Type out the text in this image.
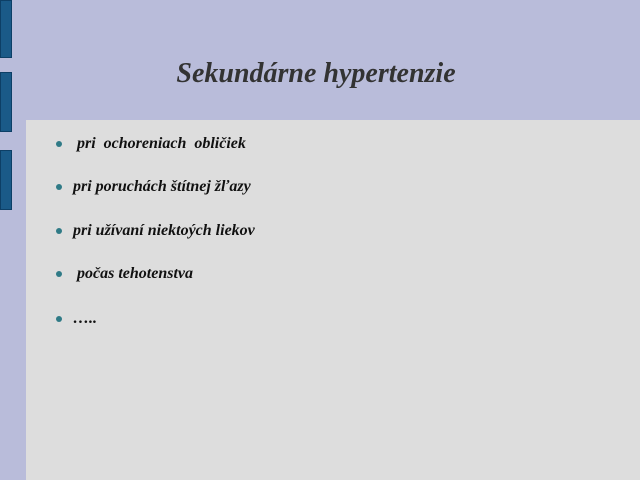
Sekundárne hypertenzie
pri  ochoreniach  obličiek
pri poruchách štítnej žľazy
pri užívaní niektoých liekov
počas tehotenstva
…..
